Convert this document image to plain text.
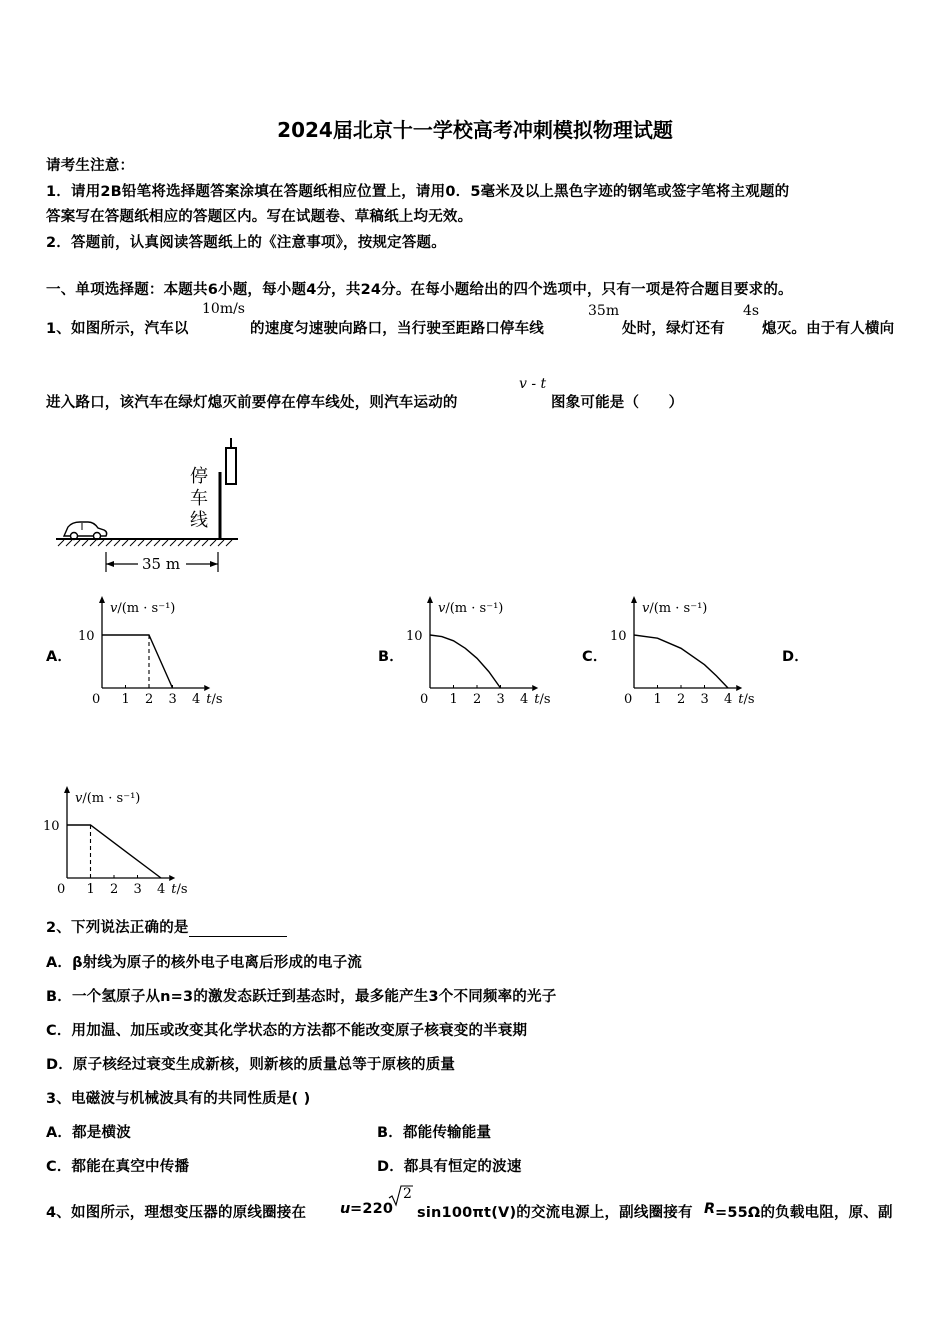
2024届北京十一学校高考冲刺模拟物理试题
请考生注意：
1．请用2B铅笔将选择题答案涂填在答题纸相应位置上，请用0．5毫米及以上黑色字迹的钢笔或签字笔将主观题的
答案写在答题纸相应的答题区内。写在试题卷、草稿纸上均无效。
2．答题前，认真阅读答题纸上的《注意事项》，按规定答题。
一、单项选择题：本题共6小题，每小题4分，共24分。在每小题给出的四个选项中，只有一项是符合题目要求的。
1、如图所示，汽车以
10m/s
的速度匀速驶向路口，当行驶至距路口停车线
35m
处时，绿灯还有
4s
熄灭。由于有人横向
进入路口，该汽车在绿灯熄灭前要停在停车线处，则汽车运动的
v - t
图象可能是（　　）
停
车
线
35 m
A．	B．	C．	D．
v/(m · s⁻¹)
t/s
0 1 2 3 4
10
v/(m · s⁻¹)
t/s
0 1 2 3 4
10
v/(m · s⁻¹)
t/s
0 1 2 3 4
10
v/(m · s⁻¹)
t/s
0 1 2 3 4
10
2、下列说法正确的是
A．β射线为原子的核外电子电离后形成的电子流
B．一个氢原子从n=3的激发态跃迁到基态时，最多能产生3个不同频率的光子
C．用加温、加压或改变其化学状态的方法都不能改变原子核衰变的半衰期
D．原子核经过衰变生成新核，则新核的质量总等于原核的质量
3、电磁波与机械波具有的共同性质是( )
A．都是横波	B．都能传输能量
C．都能在真空中传播	D．都具有恒定的波速
4、如图所示，理想变压器的原线圈接在 u =220
2
sin100πt(V)的交流电源上，副线圈接有 R =55Ω的负载电阻，原、副
